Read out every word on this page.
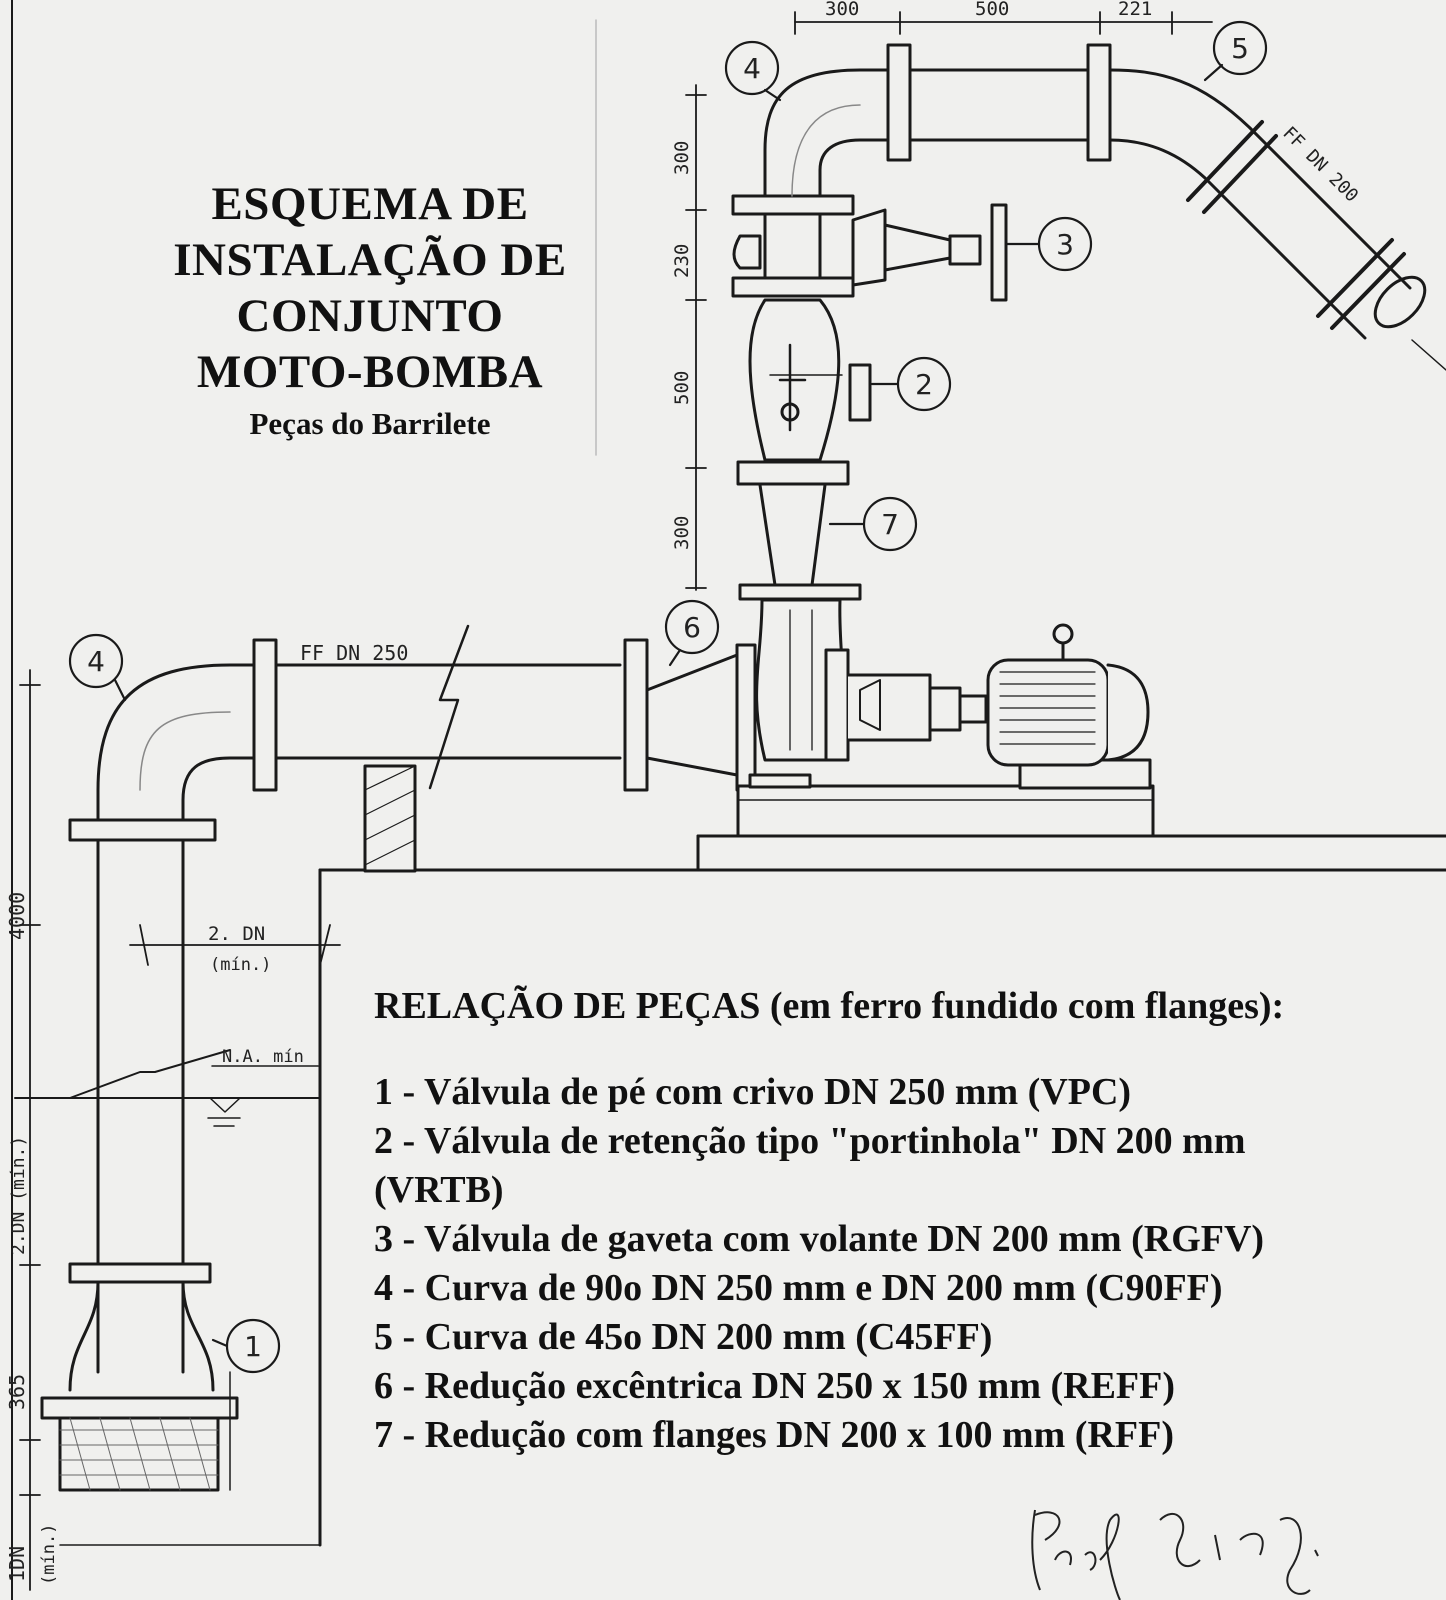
1
2
3
4
4
5
6
7
300	500	221
300
230
500
300
4000
2.DN (mín.)
365
1DN (mín.)
2. DN
(mín.)
N.A. mín
FF DN 250
FF DN 200
ESQUEMA DE
INSTALAÇÃO DE
CONJUNTO
MOTO-BOMBA
Peças do Barrilete
RELAÇÃO DE PEÇAS (em ferro fundido com flanges):
1 - Válvula de pé com crivo DN 250 mm (VPC)
2 - Válvula de retenção tipo "portinhola" DN 200 mm
(VRTB)
3 - Válvula de gaveta com volante DN 200 mm (RGFV)
4 - Curva de 90o DN 250 mm e DN 200 mm (C90FF)
5 - Curva de 45o DN 200 mm (C45FF)
6 - Redução excêntrica DN 250 x 150 mm (REFF)
7 - Redução com flanges DN 200 x 100 mm (RFF)
